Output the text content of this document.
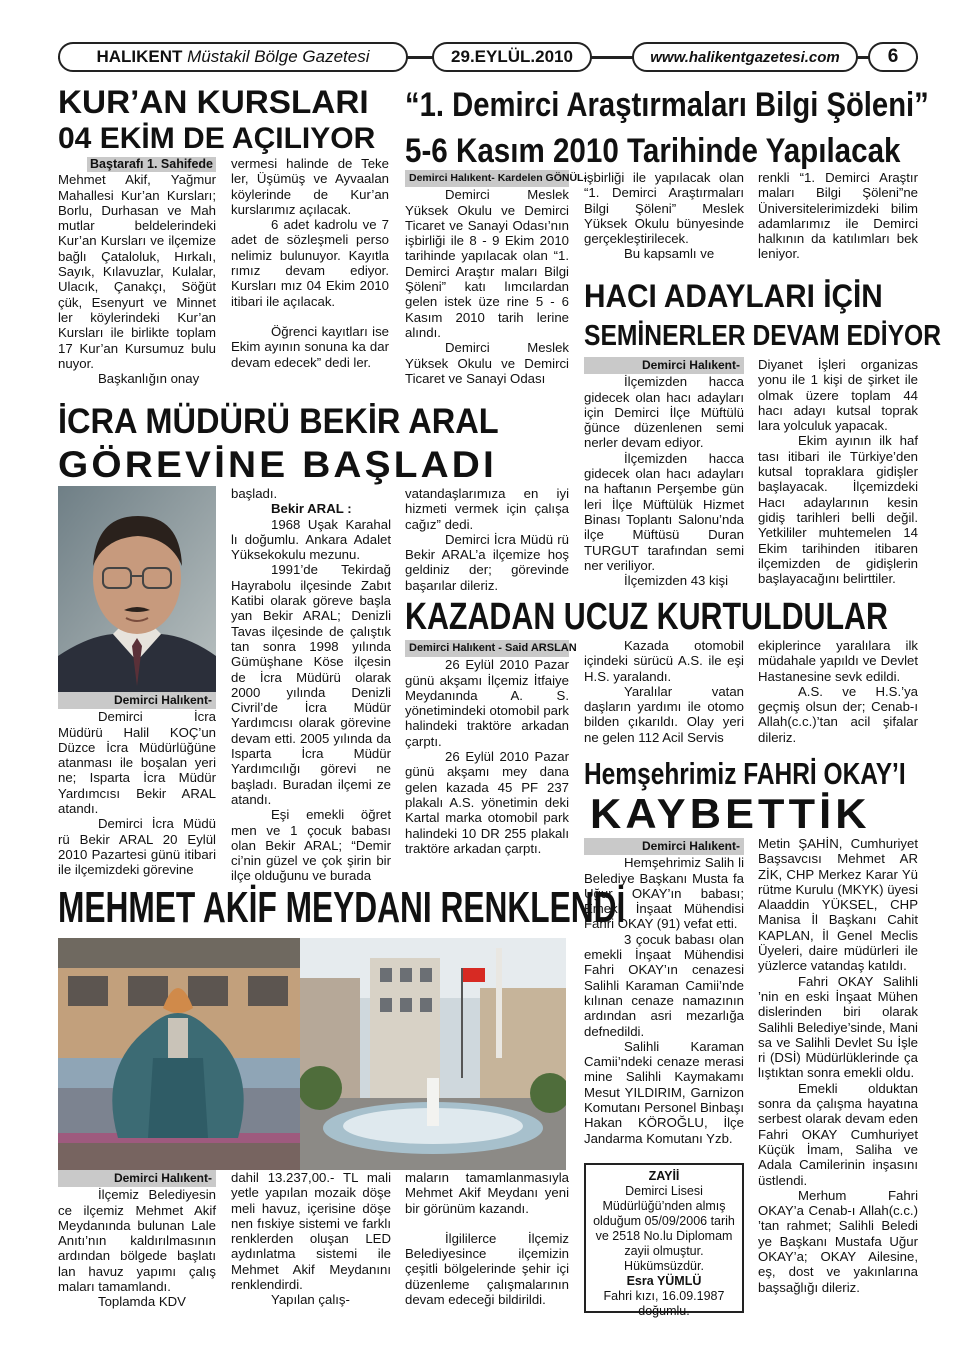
HALIKENT
Müstakil Bölge Gazetesi	29.EYLÜL.2010	www.halikentgazetesi.com	6
KUR’AN KURSLARI
04 EKİM DE AÇILIYOR
Baştarafı 1. Sahifede

Mehmet Akif, Yağmur Mahallesi Kur’an Kursları; Borlu, Durhasan ve Mah mutlar beldelerindeki Kur’an Kursları ve ilçemize bağlı Çataloluk, Hırkalı, Sayık, Kılavuzlar, Kulalar, Ulacık, Çanakçı, Söğüt çük, Esenyurt ve Minnet ler köylerindeki Kur’an Kursları ile birlikte toplam 17 Kur’an Kursumuz bulu nuyor.

Başkanlığın onay

vermesi halinde de Teke ler, Üşümüş ve Ayvaalan köylerinde de Kur’an kurslarımız açılacak.

6 adet kadrolu ve 7 adet de sözleşmeli perso nelimiz bulunuyor. Kayıtla rımız devam ediyor. Kursları mız 04 Ekim 2010 itibari ile açılacak.

Öğrenci kayıtları ise Ekim ayının sonuna ka dar devam edecek” dedi ler.

“1. Demirci Araştırmaları Bilgi Şöleni”
5-6 Kasım 2010 Tarihinde Yapılacak
Demirci Halıkent- Kardelen GÖNÜL-

Demirci Meslek Yüksek Okulu ve Demirci Ticaret ve Sanayi Odası’nın işbirliği ile 8 - 9 Ekim 2010 tarihinde yapılacak olan “1. Demirci Araştır maları Bilgi Şöleni” katı lımcılardan gelen istek üze rine 5 - 6 Kasım 2010 tarih lerine alındı.

Demirci Meslek Yüksek Okulu ve Demirci Ticaret ve Sanayi Odası

işbirliği ile yapılacak olan “1. Demirci Araştırmaları Bilgi Şöleni” Meslek Yüksek Okulu bünyesinde gerçekleştirilecek.

Bu kapsamlı ve

renkli “1. Demirci Araştır maları Bilgi Şöleni”ne Üniversitelerimizdeki bilim adamlarımız ile Demirci halkının da katılımları bek leniyor.

HACI ADAYLARI İÇİN
SEMİNERLER DEVAM EDİYOR
Demirci Halıkent-

İlçemizden hacca gidecek olan hacı adayları için Demirci İlçe Müftülü ğünce düzenlenen semi nerler devam ediyor.

İlçemizden hacca gidecek olan hacı adayları na haftanın Perşembe gün leri İlçe Müftülük Hizmet Binası Toplantı Salonu’nda ilçe Müftüsü Duran TURGUT tarafından semi ner veriliyor.

İlçemizden 43 kişi

Diyanet İşleri organizas yonu ile 1 kişi de şirket ile olmak üzere toplam 44 hacı adayı kutsal toprak lara yolculuk yapacak.

Ekim ayının ilk haf tası itibari ile Türkiye’den kutsal topraklara gidişler başlayacak. İlçemizdeki Hacı adaylarının kesin gidiş tarihleri belli değil. Yetkililer muhtemelen 14 Ekim tarihinden itibaren ilçemizden de gidişlerin başlayacağını belirttiler.

İCRA MÜDÜRÜ BEKİR ARAL
GÖREVİNE BAŞLADI
Demirci Halıkent-

Demirci İcra Müdürü Halil KOÇ’un Düzce İcra Müdürlüğüne atanması ile boşalan yeri ne; Isparta İcra Müdür Yardımcısı Bekir ARAL atandı.

Demirci İcra Müdü rü Bekir ARAL 20 Eylül 2010 Pazartesi günü itibari ile ilçemizdeki görevine

başladı.

Bekir ARAL :

1968 Uşak Karahal lı doğumlu. Ankara Adalet Yüksekokulu mezunu.

1991’de Tekirdağ Hayrabolu ilçesinde Zabıt Katibi olarak göreve başla yan Bekir ARAL; Denizli Tavas ilçesinde de çalıştık tan sonra 1998 yılında Gümüşhane Köse ilçesin de İcra Müdürü olarak 2000 yılında Denizli Civril’de İcra Müdür Yardımcısı olarak görevine devam etti. 2005 yılında da Isparta İcra Müdür Yardımcılığı görevi ne başladı. Buradan ilçemi ze atandı.

Eşi emekli öğret men ve 1 çocuk babası olan Bekir ARAL; “Demir ci’nin güzel ve çok şirin bir ilçe olduğunu ve burada

vatandaşlarımıza en iyi hizmeti vermek için çalışa cağız” dedi.

Demirci İcra Müdü rü Bekir ARAL’a ilçemize hoş geldiniz der; görevinde başarılar dileriz.

KAZADAN UCUZ KURTULDULAR
Demirci Halıkent - Said ARSLAN

26 Eylül 2010 Pazar günü akşamı İlçemiz İtfaiye Meydanında A. S. yönetimindeki otomobil park halindeki traktöre arkadan çarptı.

26 Eylül 2010 Pazar günü akşamı mey dana gelen kazada 45 PF 237 plakalı A.S. yönetimin deki Kartal marka otomobil park halindeki 10 DR 255 plakalı traktöre arkadan çarptı.

Kazada otomobil içindeki sürücü A.S. ile eşi H.S. yaralandı.

Yaralılar vatan daşların yardımı ile otomo bilden çıkarıldı. Olay yeri ne gelen 112 Acil Servis

ekiplerince yaralılara ilk müdahale yapıldı ve Devlet Hastanesine sevk edildi.

A.S. ve H.S.’ya geçmiş olsun der; Cenab-ı Allah(c.c.)’tan acil şifalar dileriz.

Hemşehrimiz FAHRİ OKAY’I
KAYBETTİK
Demirci Halıkent-

Hemşehrimiz Salih li Belediye Başkanı Musta fa Uğur OKAY’ın babası; Emekli İnşaat Mühendisi Fahri OKAY (91) vefat etti.

3 çocuk babası olan emekli İnşaat Mühendisi Fahri OKAY’ın cenazesi Salihli Karaman Camii’nde kılınan cenaze namazının ardından asri mezarlığa defnedildi.

Salihli Karaman Camii’ndeki cenaze merasi mine Salihli Kaymakamı Mesut YILDIRIM, Garnizon Komutanı Personel Binbaşı Hakan KÖROĞLU, İlçe Jandarma Komutanı Yzb.

Metin ŞAHİN, Cumhuriyet Başsavcısı Mehmet AR ZİK, CHP Merkez Karar Yü rütme Kurulu (MKYK) üyesi Alaaddin YÜKSEL, CHP Manisa İl Başkanı Cahit KAPLAN, İl Genel Meclis Üyeleri, daire müdürleri ile yüzlerce vatandaş katıldı.

Fahri OKAY Salihli ’nin en eski İnşaat Mühen dislerinden biri olarak Salihli Belediye’sinde, Mani sa ve Salihli Devlet Su İşle ri (DSİ) Müdürlüklerinde ça lıştıktan sonra emekli oldu.

Emekli olduktan sonra da çalışma hayatına serbest olarak devam eden Fahri OKAY Cumhuriyet Küçük İmam, Saliha ve Adala Camilerinin inşasını üstlendi.

Merhum Fahri OKAY’a Cenab-ı Allah(c.c.) ’tan rahmet; Salihli Beledi ye Başkanı Mustafa Uğur OKAY’a; OKAY Ailesine, eş, dost ve yakınlarına başsağlığı dileriz.

ZAYİİ
Demirci Lisesi Müdürlüğü’nden almış olduğum 05/09/2006 tarih ve 2518 No.lu Diplomam zayii olmuştur. Hükümsüzdür.
Esra YÜMLÜ
Fahri kızı, 16.09.1987 doğumlu.
MEHMET AKİF MEYDANI RENKLENDİ
Demirci Halıkent-

İlçemiz Belediyesin ce ilçemiz Mehmet Akif Meydanında bulunan Lale Anıtı’nın kaldırılmasının ardından bölgede başlatı lan havuz yapımı çalış maları tamamlandı.

Toplamda KDV

dahil 13.237,00.- TL mali yetle yapılan mozaik döşe meli havuz, içerisine döşe nen fıskiye sistemi ve farklı renklerden oluşan LED aydınlatma sistemi ile Mehmet Akif Meydanını renklendirdi.

Yapılan çalış-

maların tamamlanmasıyla Mehmet Akif Meydanı yeni bir görünüm kazandı.

İlgililerce İlçemiz Belediyesince ilçemizin çeşitli bölgelerinde şehir içi düzenleme çalışmalarının devam edeceği bildirildi.
